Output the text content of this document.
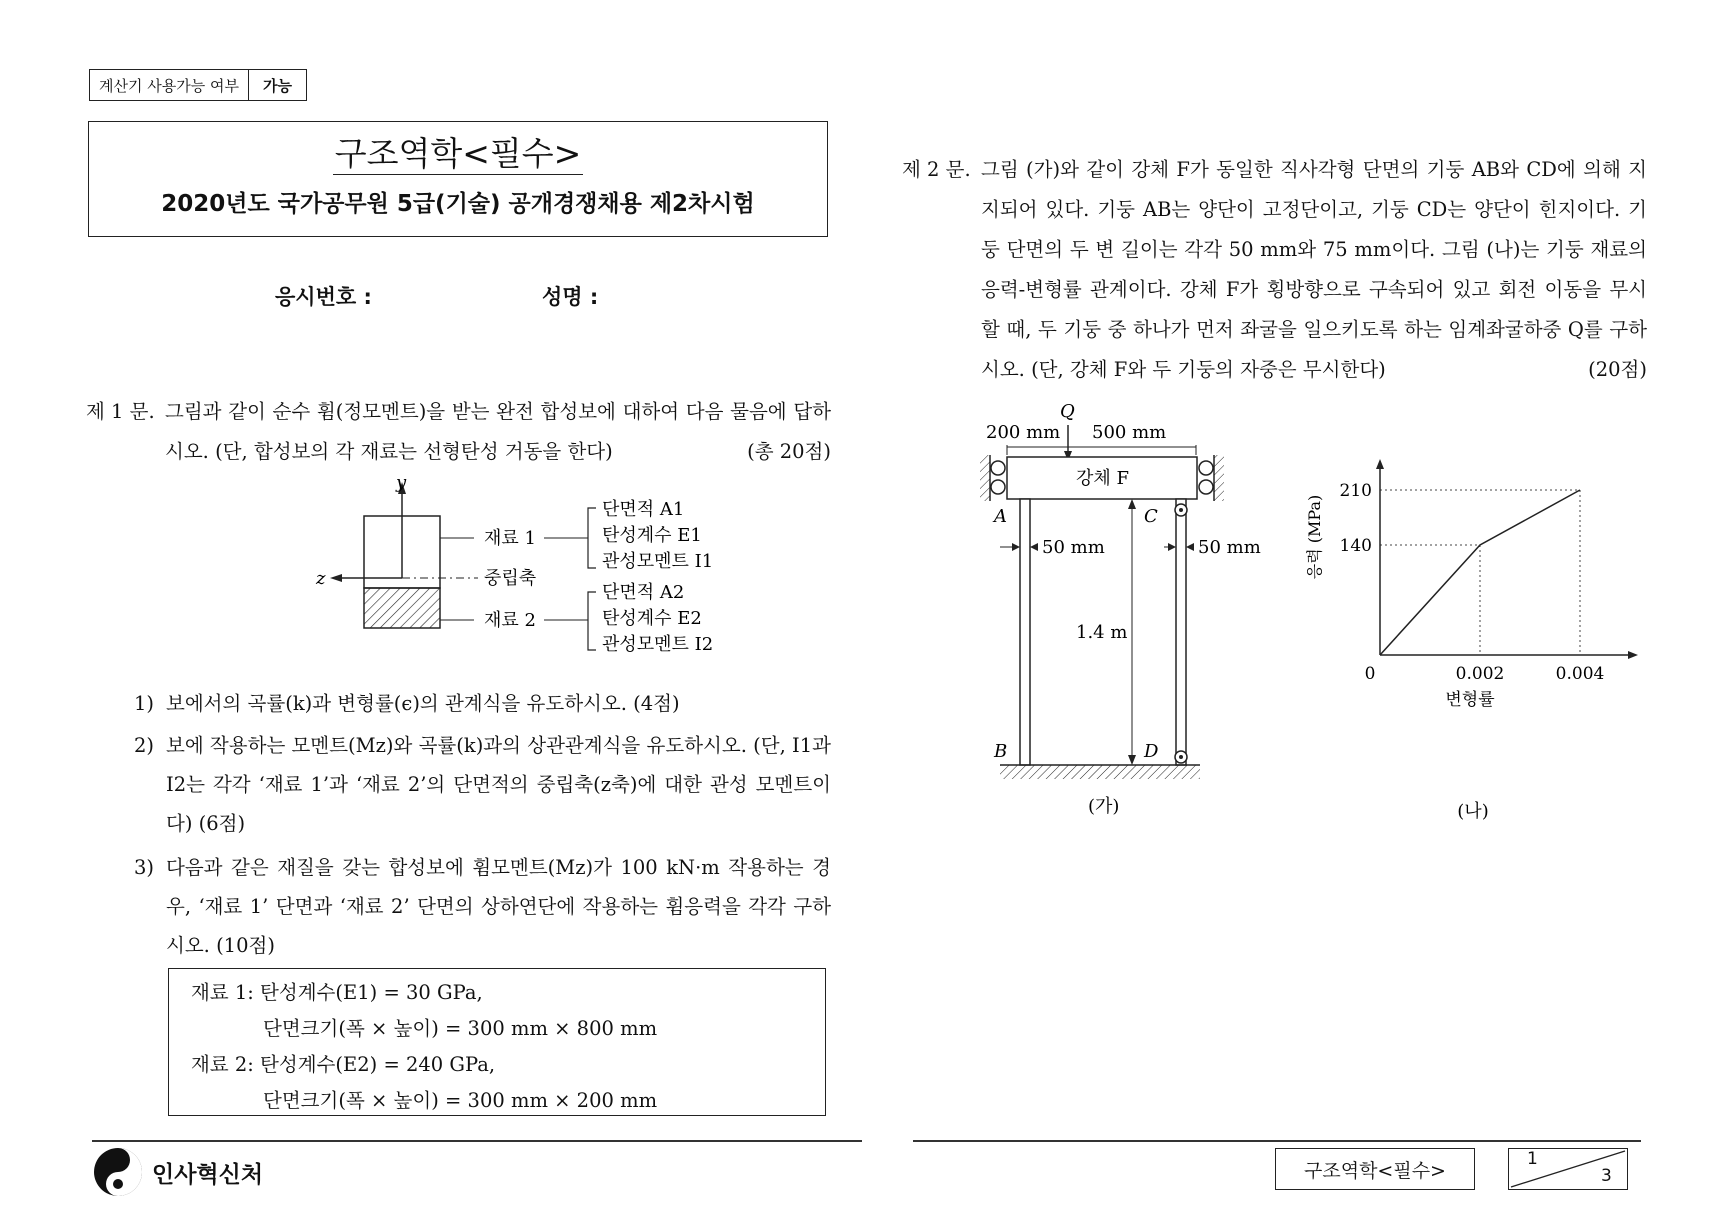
계산기 사용가능 여부	가능
구조역학<필수>
2020년도 국가공무원 5급(기술) 공개경쟁채용 제2차시험
응시번호 :	성명 :
제 1 문. 그림과 같이 순수 휨(정모멘트)을 받는 완전 합성보에 대하여 다음 물음에 답하시오. (단, 합성보의 각 재료는 선형탄성 거동을 한다)	(총 20점)
y
z
재료 1
중립축
재료 2
단면적 A1
탄성계수 E1
관성모멘트 I1
단면적 A2
탄성계수 E2
관성모멘트 I2
1) 보에서의 곡률(k)과 변형률(ϵ)의 관계식을 유도하시오. (4점)
2) 보에 작용하는 모멘트(Mz)와 곡률(k)과의 상관관계식을 유도하시오. (단, I1과 I2는 각각 ‘재료 1’과 ‘재료 2’의 단면적의 중립축(z축)에 대한 관성 모멘트이다) (6점)
3) 다음과 같은 재질을 갖는 합성보에 휨모멘트(Mz)가 100 kN·m 작용하는 경우, ‘재료 1’ 단면과 ‘재료 2’ 단면의 상하연단에 작용하는 휨응력을 각각 구하시오. (10점)
재료 1: 탄성계수(E1) = 30 GPa,
단면크기(폭 × 높이) = 300 mm × 800 mm
재료 2: 탄성계수(E2) = 240 GPa,
단면크기(폭 × 높이) = 300 mm × 200 mm
제 2 문. 그림 (가)와 같이 강체 F가 동일한 직사각형 단면의 기둥 AB와 CD에 의해 지지되어 있다. 기둥 AB는 양단이 고정단이고, 기둥 CD는 양단이 힌지이다. 기둥 단면의 두 변 길이는 각각 50 mm와 75 mm이다. 그림 (나)는 기둥 재료의 응력-변형률 관계이다. 강체 F가 횡방향으로 구속되어 있고 회전 이동을 무시할 때, 두 기둥 중 하나가 먼저 좌굴을 일으키도록 하는 임계좌굴하중 Q를 구하시오. (단, 강체 F와 두 기둥의 자중은 무시한다)	(20점)
Q
200 mm 500 mm
강체 F
A	C
B	D
50 mm	50 mm
1.4 m
(가)
응력 (MPa)
변형률
0	0.002	0.004
210
140
(나)
인사혁신처	구조역학<필수>
1
3
